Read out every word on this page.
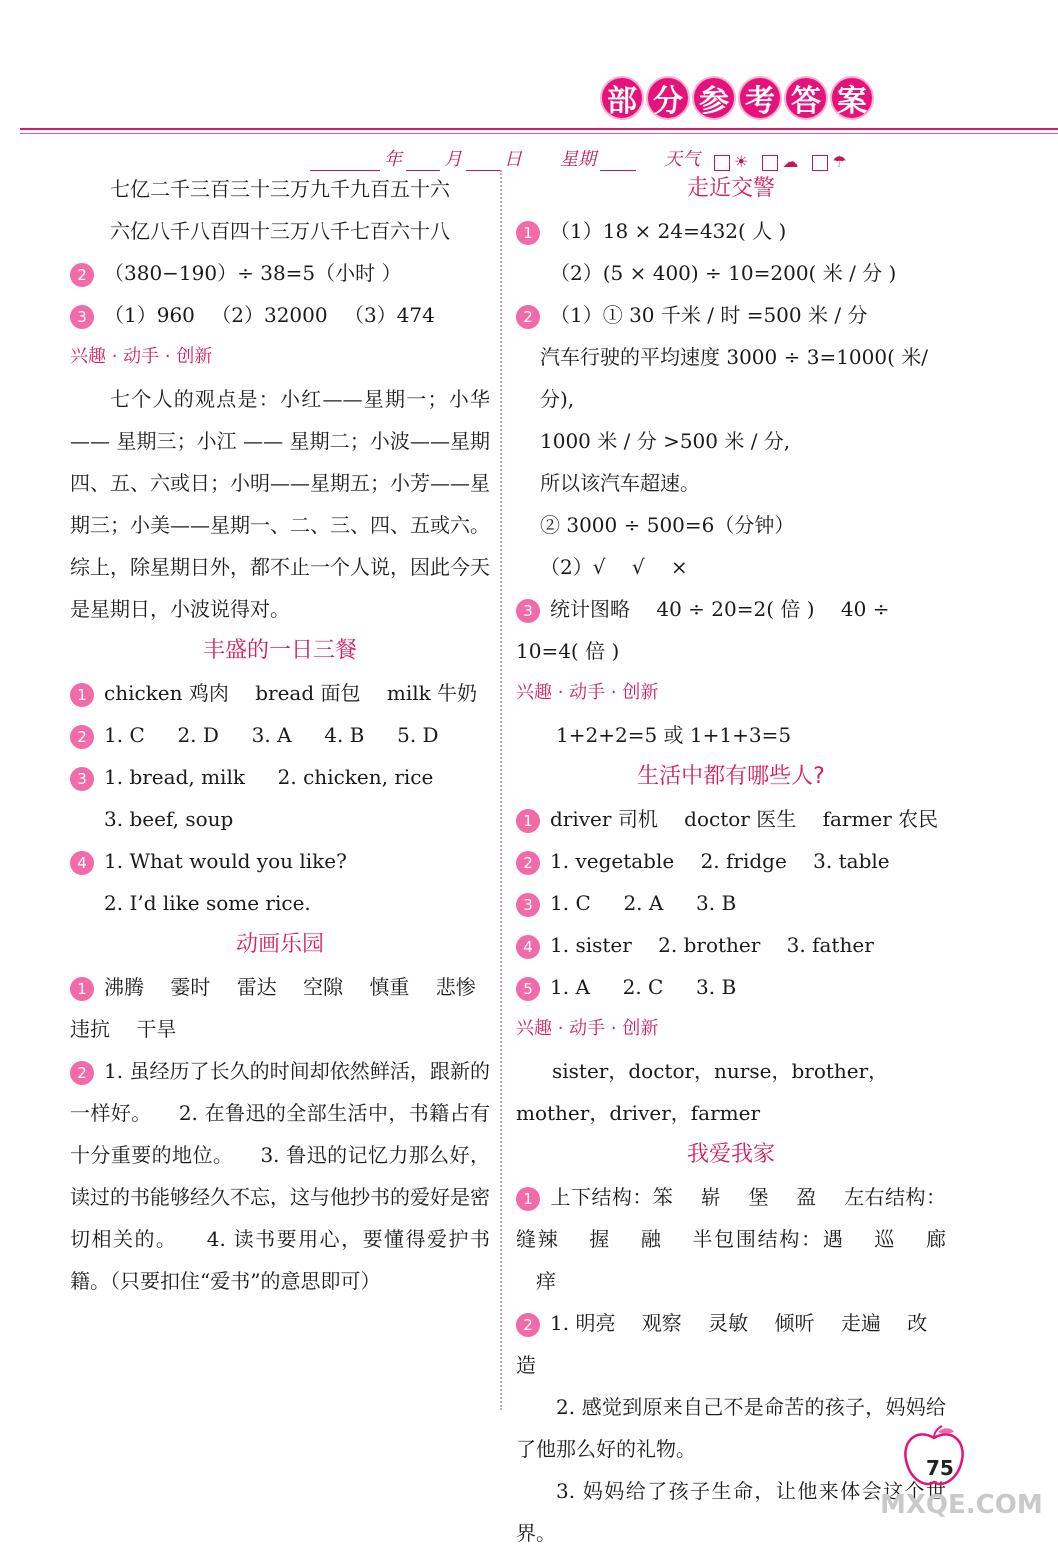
部 分 参 考 答 案
年 月 日 星期	天气 ☀ ☁ ☂

七亿二千三百三十三万九千九百五十六

六亿八千八百四十三万八千七百六十八

2 （380−190）÷ 38=5（小时 ）

3 （1）960 　（2）32000 　（3）474

兴趣 · 动手 · 创新

七个人的观点是：小红——星期一；小华 —— 星期三；小江 —— 星期二；小波——星期四、五、六或日；小明——星期五；小芳——星期三；小美——星期一、二、三、四、五或六。综上，除星期日外，都不止一个人说，因此今天是星期日，小波说得对。

丰盛的一日三餐

1 chicken 鸡肉 　bread 面包 　milk 牛奶

2 1. C 　 2. D 　 3. A 　 4. B 　 5. D

3 1. bread, milk 　 2. chicken, rice

3. beef, soup

4 1. What would you like?

2. I’d like some rice.

动画乐园

1 沸腾 　霎时 　雷达 　空隙 　慎重 　悲惨 违抗 　干旱

2 1. 虽经历了长久的时间却依然鲜活，跟新的 一样好。 　2. 在鲁迅的全部生活中，书籍占有十分重要的地位。 　3. 鲁迅的记忆力那么好，读过的书能够经久不忘，这与他抄书的爱好是密切相关的。 　4. 读书要用心，要懂得爱护书籍。（只要扣住“爱书”的意思即可）

走近交警

1 （1）18 × 24=432( 人 )

（2）(5 × 400) ÷ 10=200( 米 / 分 )

2 （1）① 30 千米 / 时 =500 米 / 分

汽车行驶的平均速度 3000 ÷ 3=1000( 米/分),

1000 米 / 分 >500 米 / 分,

所以该汽车超速。

② 3000 ÷ 500=6（分钟）

（2）√ 　√ 　×

3 统计图略 　40 ÷ 20=2( 倍 ) 　40 ÷ 10=4( 倍 )

兴趣 · 动手 · 创新

1+2+2=5 或 1+1+3=5

生活中都有哪些人?

1 driver 司机 　doctor 医生 　farmer 农民

2 1. vegetable 　2. fridge 　3. table

3 1. C 　 2. A 　 3. B

4 1. sister 　2. brother 　3. father

5 1. A 　 2. C 　 3. B

兴趣 · 动手 · 创新

sister，doctor，nurse，brother，mother，driver，farmer

我爱我家

1 上下结构：笨 　崭 　堡 　盈 　左右结构：缝辣 　握 　融 　半包围结构：遇 　巡 　廊 　痒

2 1. 明亮 　观察 　灵敏 　倾听 　走遍 　改造

2. 感觉到原来自己不是命苦的孩子，妈妈给了他那么好的礼物。

3. 妈妈给了孩子生命，让他来体会这个世界。

75
MXQE.COM
